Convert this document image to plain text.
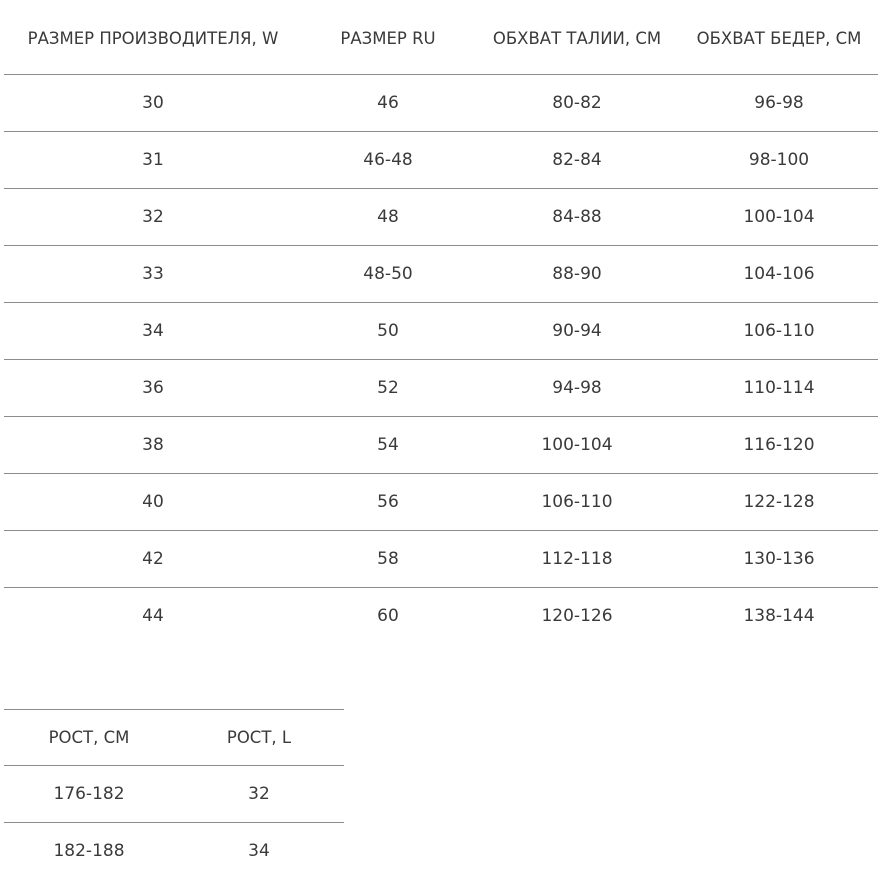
РАЗМЕР ПРОИЗВОДИТЕЛЯ, W	РАЗМЕР RU	ОБХВАТ ТАЛИИ, СМ	ОБХВАТ БЕДЕР, СМ
30	46	80-82	96-98
31	46-48	82-84	98-100
32	48	84-88	100-104
33	48-50	88-90	104-106
34	50	90-94	106-110
36	52	94-98	110-114
38	54	100-104	116-120
40	56	106-110	122-128
42	58	112-118	130-136
44	60	120-126	138-144
РОСТ, СМ	РОСТ, L
176-182	32
182-188	34
